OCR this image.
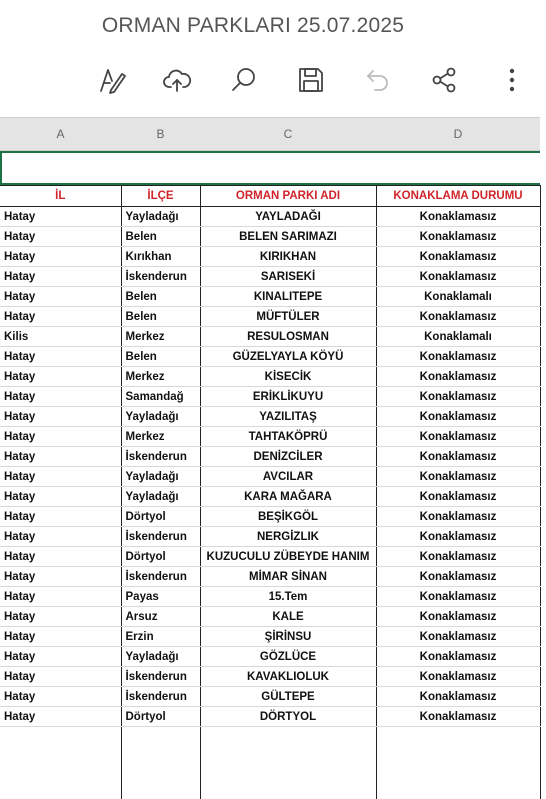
ORMAN PARKLARI 25.07.2025
A	B	C	D
İL	İLÇE	ORMAN PARKI ADI	KONAKLAMA DURUMU
Hatay	Yayladağı	YAYLADAĞI	Konaklamasız
Hatay	Belen	BELEN SARIMAZI	Konaklamasız
Hatay	Kırıkhan	KIRIKHAN	Konaklamasız
Hatay	İskenderun	SARISEKİ	Konaklamasız
Hatay	Belen	KINALITEPE	Konaklamalı
Hatay	Belen	MÜFTÜLER	Konaklamasız
Kilis	Merkez	RESULOSMAN	Konaklamalı
Hatay	Belen	GÜZELYAYLA KÖYÜ	Konaklamasız
Hatay	Merkez	KİSECİK	Konaklamasız
Hatay	Samandağ	ERİKLİKUYU	Konaklamasız
Hatay	Yayladağı	YAZILITAŞ	Konaklamasız
Hatay	Merkez	TAHTAKÖPRÜ	Konaklamasız
Hatay	İskenderun	DENİZCİLER	Konaklamasız
Hatay	Yayladağı	AVCILAR	Konaklamasız
Hatay	Yayladağı	KARA MAĞARA	Konaklamasız
Hatay	Dörtyol	BEŞİKGÖL	Konaklamasız
Hatay	İskenderun	NERGİZLIK	Konaklamasız
Hatay	Dörtyol	KUZUCULU ZÜBEYDE HANIM	Konaklamasız
Hatay	İskenderun	MİMAR SİNAN	Konaklamasız
Hatay	Payas	15.Tem	Konaklamasız
Hatay	Arsuz	KALE	Konaklamasız
Hatay	Erzin	ŞİRİNSU	Konaklamasız
Hatay	Yayladağı	GÖZLÜCE	Konaklamasız
Hatay	İskenderun	KAVAKLIOLUK	Konaklamasız
Hatay	İskenderun	GÜLTEPE	Konaklamasız
Hatay	Dörtyol	DÖRTYOL	Konaklamasız
